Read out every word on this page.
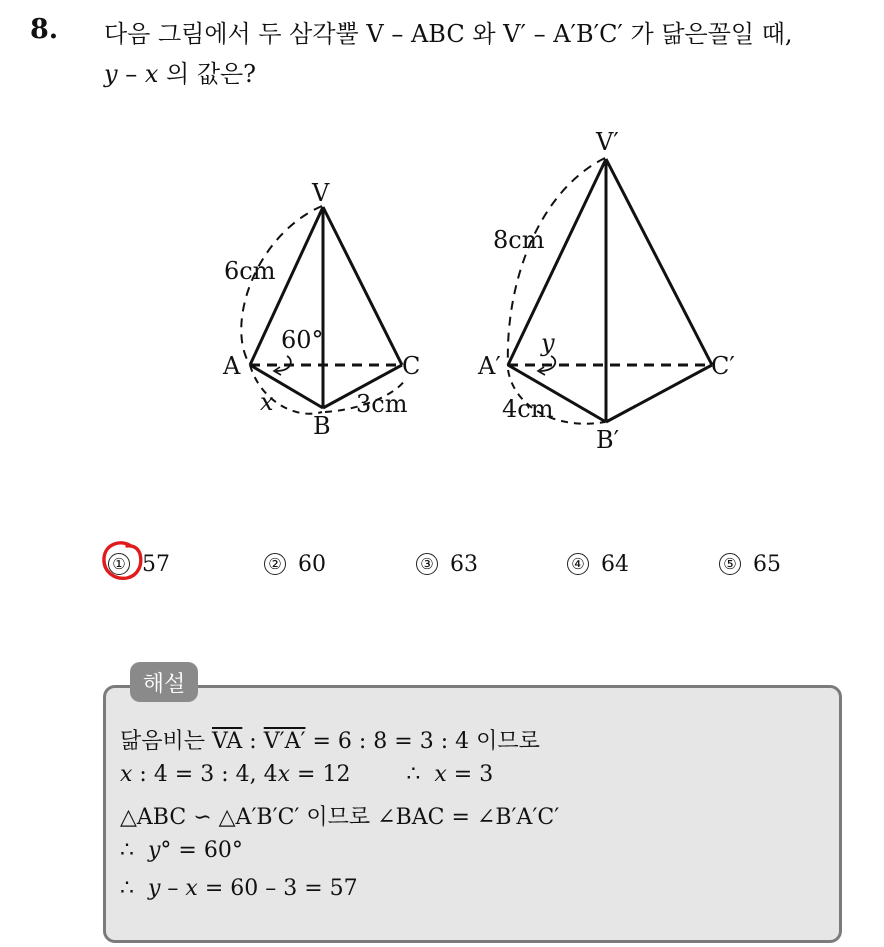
8. 다음 그림에서 두 삼각뿔 V – ABC 와 V′ – A′B′C′ 가 닮은꼴일 때,
y – x 의 값은?
V
A
B
C
6cm
60°
x	3cm
V′
A′
B′
C′
8cm
y
4cm
① 57	② 60	③ 63	④ 64	⑤ 65
해설
닮음비는 $\overline{VA}$ : V′A′ = 6 : 8 = 3 : 4 이므로
x : 4 = 3 : 4, 4x = 12        ∴  x = 3
△ABC ∽ △A′B′C′ 이므로 ∠BAC = ∠B′A′C′
∴  y° = 60°
∴  y – x = 60 – 3 = 57
